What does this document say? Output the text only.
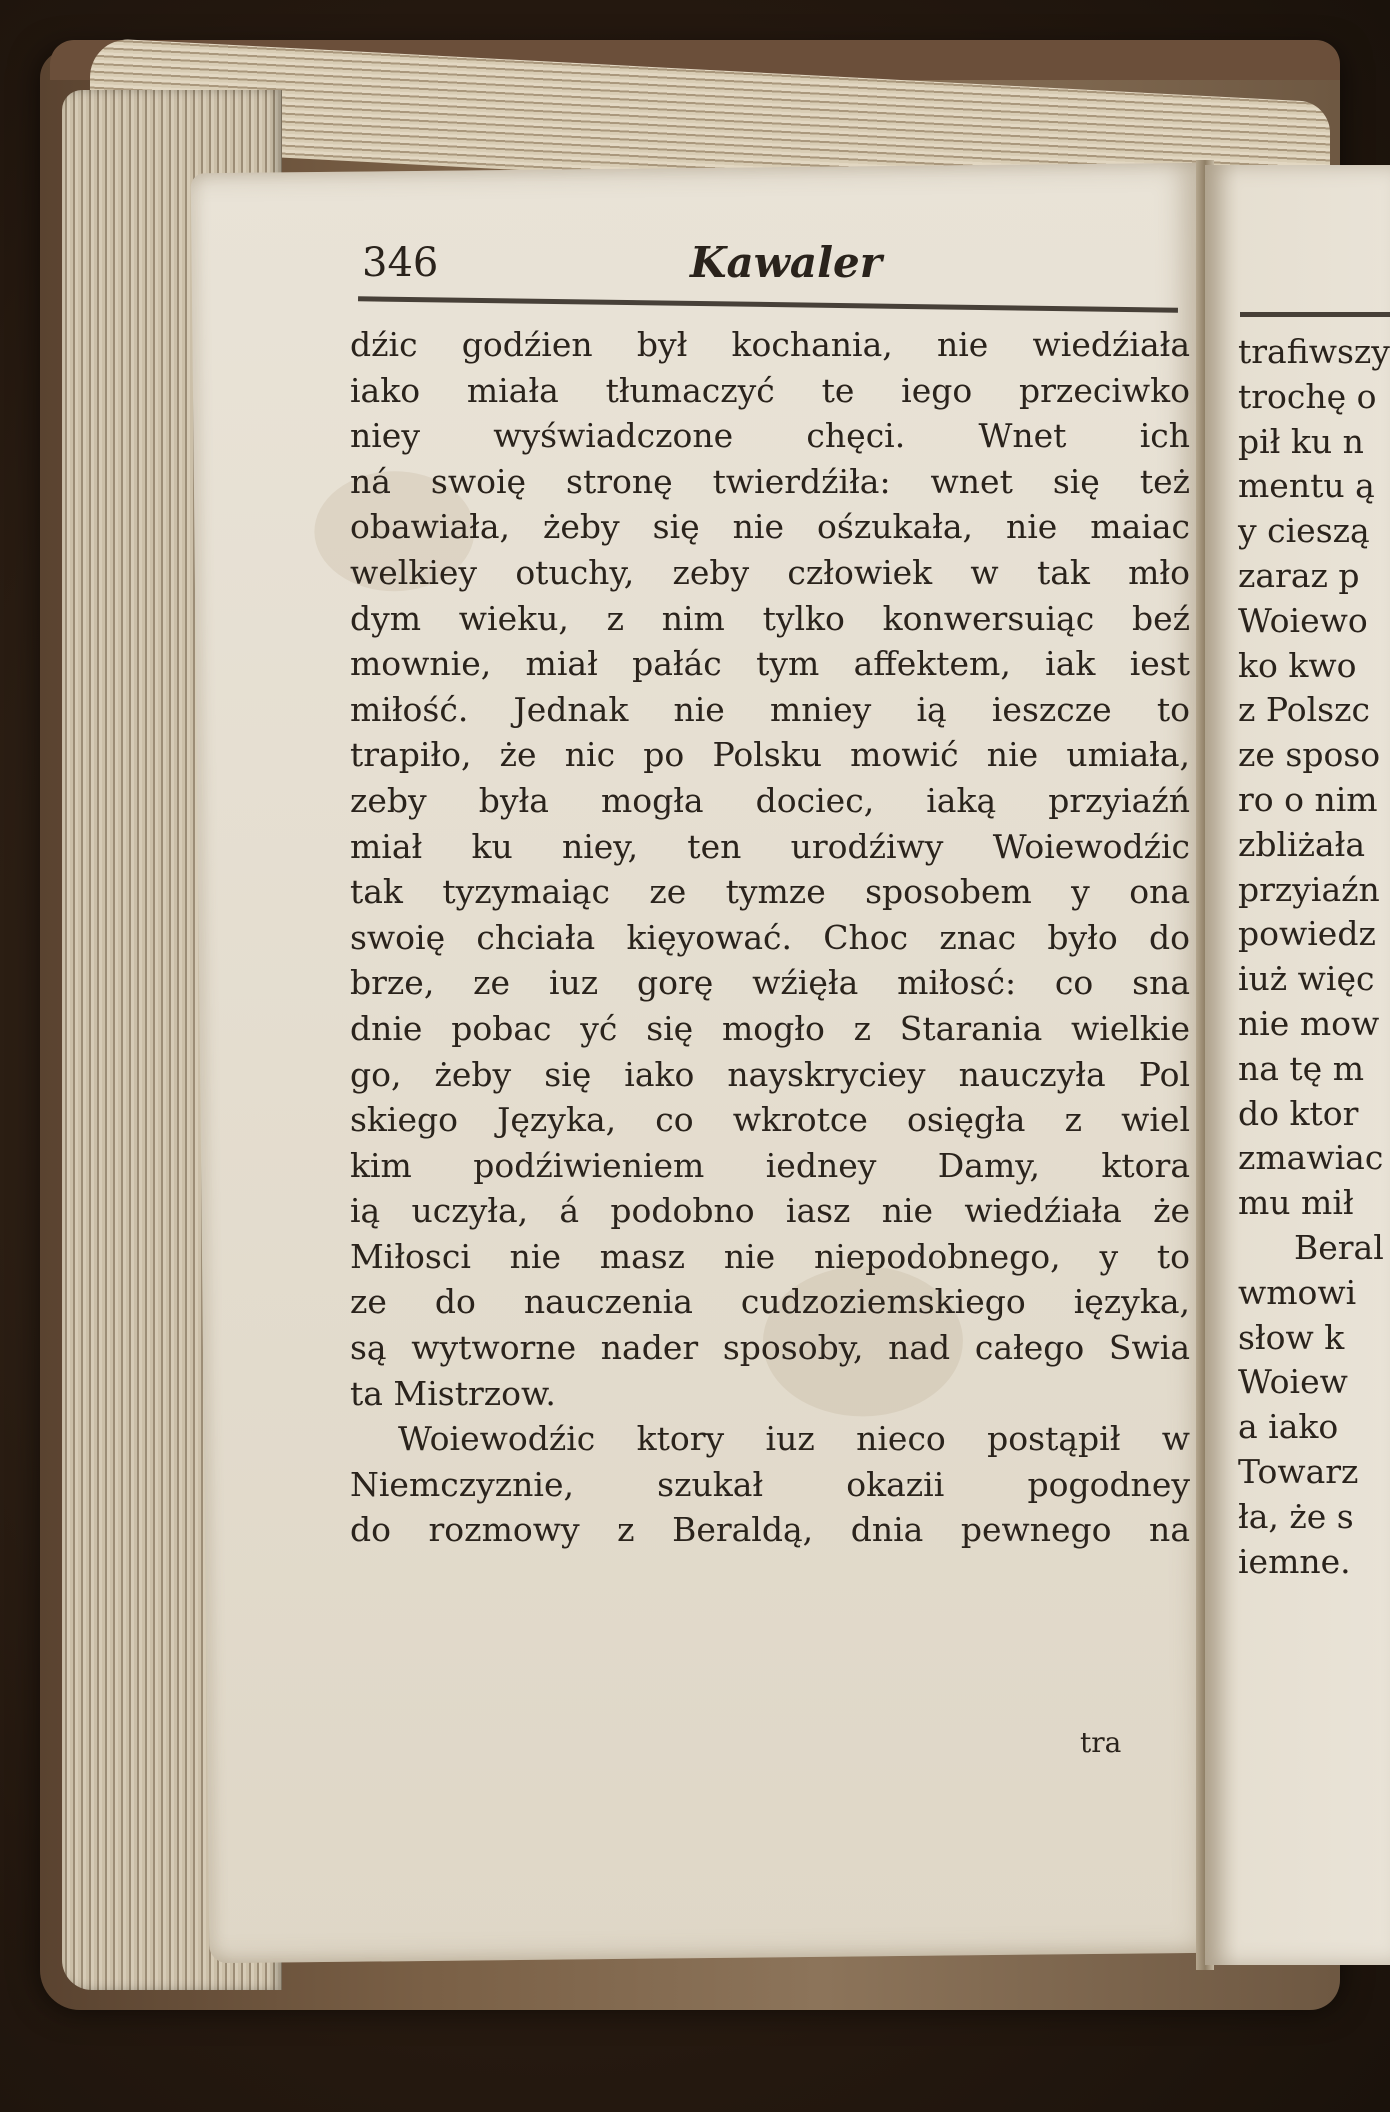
346	Kawaler
dźic godźien był kochania, nie wiedźiała
iako miała tłumaczyć te iego przeciwko
niey wyświadczone chęci. Wnet ich
ná swoię stronę twierdźiła: wnet się też
obawiała, żeby się nie ośzukała, nie maiac
welkiey otuchy, zeby człowiek w tak mło
dym wieku, z nim tylko konwersuiąc beź
mownie, miał pałác tym affektem, iak iest
miłość. Jednak nie mniey ią ieszcze to
trapiło, że nic po Polsku mowić nie umiała,
zeby była mogła dociec, iaką przyiaźń
miał ku niey, ten urodźiwy Woiewodźic
tak tyzymaiąc ze tymze sposobem y ona
swoię chciała kięyować. Choc znac było do
brze, ze iuz gorę wźięła miłosć: co sna
dnie pobac yć się mogło z Starania wielkie
go, żeby się iako nayskryciey nauczyła Pol
skiego Języka, co wkrotce osięgła z wiel
kim podźiwieniem iedney Damy, ktora
ią uczyła, á podobno iasz nie wiedźiała że
Miłosci nie masz nie niepodobnego, y to
ze do nauczenia cudzoziemskiego ięzyka,
są wytworne nader sposoby, nad całego Swia
ta Mistrzow.
Woiewodźic ktory iuz nieco postąpił w
Niemczyznie, szukał okazii pogodney
do rozmowy z Beraldą, dnia pewnego na
tra
trafiwszy
trochę o
pił ku n
mentu ą
y cieszą
zaraz p
Woiewo
ko kwo
z Polszc
ze sposo
ro o nim
zbliżała
przyiaźn
powiedz
iuż więc
nie mow
na tę m
do ktor
zmawiac
mu mił
Beral
wmowi
słow k
Woiew
a iako
Towarz
ła, że s
iemne.
